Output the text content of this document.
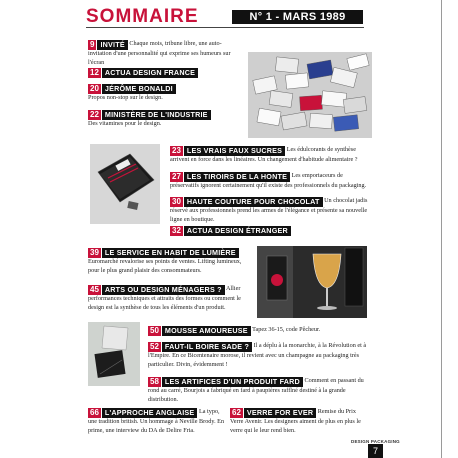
SOMMAIRE	N° 1 - MARS 1989
9 INVITÉ Chaque mois, tribune libre, une auto-invitation d'une personnalité qui exprime ses humeurs sur l'écran
12 ACTUA DESIGN FRANCE
20 JÉRÔME BONALDI
Propos non-stop sur le design.
22 MINISTÈRE DE L'INDUSTRIE
Des vitamines pour le design.
23 LES VRAIS FAUX SUCRES Les édulcorants de synthèse arrivent en force dans les linéaires. Un changement d'habitude alimentaire ?
27 LES TIROIRS DE LA HONTE Les emportaceurs de préservatifs ignorent certainement qu'il existe des professionnels du packaging.
30 HAUTE COUTURE POUR CHOCOLAT Un chocolat jadis réservé aux professionnels prend les armes de l'élégance et présente sa nouvelle ligne en boutique.
32 ACTUA DESIGN ÉTRANGER
39 LE SERVICE EN HABIT DE LUMIÈRE
Euromarché revalorise ses points de ventes. Lifting lumineux, pour le plus grand plaisir des consommateurs.
45 ARTS OU DESIGN MÉNAGERS ? Allier performances techniques et attraits des formes ou comment le design est la synthèse de tous les éléments d'un produit.
50 MOUSSE AMOUREUSE Tapez 36-15, code Pêcheur.
52 FAUT-IL BOIRE SADE ? Il a déplu à la monarchie, à la Révolution et à l'Empire. En ce Bicentenaire morose, il revient avec un champagne au packaging très particulier. Divin, évidemment !
58 LES ARTIFICES D'UN PRODUIT FARD Comment en passant du rond au carré, Bourjois a fabriqué en fard à paupières rafflné destiné à la grande distribution.
66 L'APPROCHE ANGLAISE La typo, une tradition british. Un hommage à Neville Brody. En prime, une interview du DA de Delire Fria.
62 VERRE FOR EVER Remise du Prix Verre Avenir. Les designers aiment de plus en plus le verre qui le leur rend bien.
DESIGN PACKAGING
7
